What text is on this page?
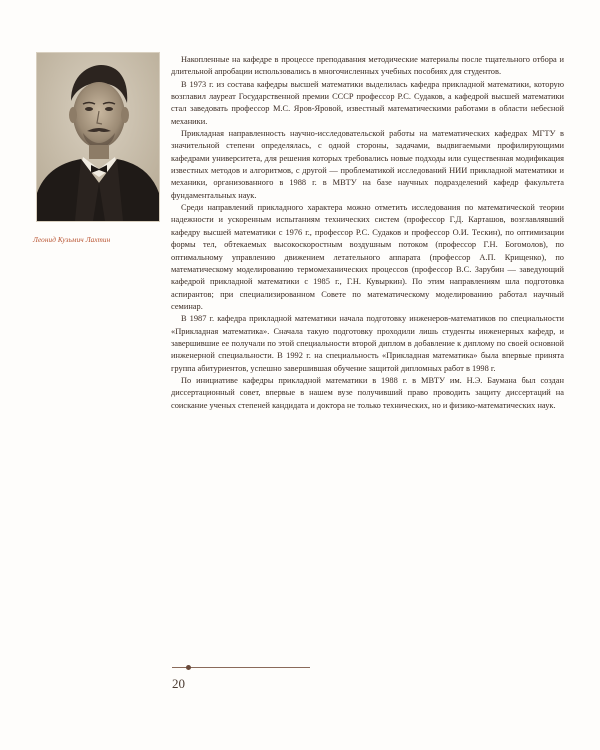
Леонид Кузьмич Лахтин

Накопленные на кафедре в процессе преподавания методические материалы после тщательного отбора и длительной апробации использовались в многочисленных учебных пособиях для студентов.

В 1973 г. из состава кафедры высшей математики выделилась кафедра прикладной математики, которую возглавил лауреат Государственной премии СССР профессор Р.С. Судаков, а кафедрой высшей математики стал заведовать профессор М.С. Яров-Яровой, известный математическими работами в области небесной механики.

Прикладная направленность научно-исследовательской работы на математических кафедрах МГТУ в значительной степени определялась, с одной стороны, задачами, выдвигаемыми профилирующими кафедрами университета, для решения которых требовались новые подходы или существенная модификация известных методов и алгоритмов, с другой — проблематикой исследований НИИ прикладной математики и механики, организованного в 1988 г. в МВТУ на базе научных подразделений кафедр факультета фундаментальных наук.

Среди направлений прикладного характера можно отметить исследования по математической теории надежности и ускоренным испытаниям технических систем (профессор Г.Д. Карташов, возглавлявший кафедру высшей математики с 1976 г., профессор Р.С. Судаков и профессор О.И. Тескин), по оптимизации формы тел, обтекаемых высокоскоростным воздушным потоком (профессор Г.Н. Богомолов), по оптимальному управлению движением летательного аппарата (профессор А.П. Крищенко), по математическому моделированию термомеханических процессов (профессор В.С. Зарубин — заведующий кафедрой прикладной математики с 1985 г., Г.Н. Кувыркин). По этим направлениям шла подготовка аспирантов; при специализированном Совете по математическому моделированию работал научный семинар.

В 1987 г. кафедра прикладной математики начала подготовку инженеров-математиков по специальности «Прикладная математика». Сначала такую подготовку проходили лишь студенты инженерных кафедр, и завершившие ее получали по этой специальности второй диплом в добавление к диплому по своей основной инженерной специальности. В 1992 г. на специальность «Прикладная математика» была впервые принята группа абитуриентов, успешно завершившая обучение защитой дипломных работ в 1998 г.

По инициативе кафедры прикладной математики в 1988 г. в МВТУ им. Н.Э. Баумана был создан диссертационный совет, впервые в нашем вузе получивший право проводить защиту диссертаций на соискание ученых степеней кандидата и доктора не только технических, но и физико-математических наук.

20
